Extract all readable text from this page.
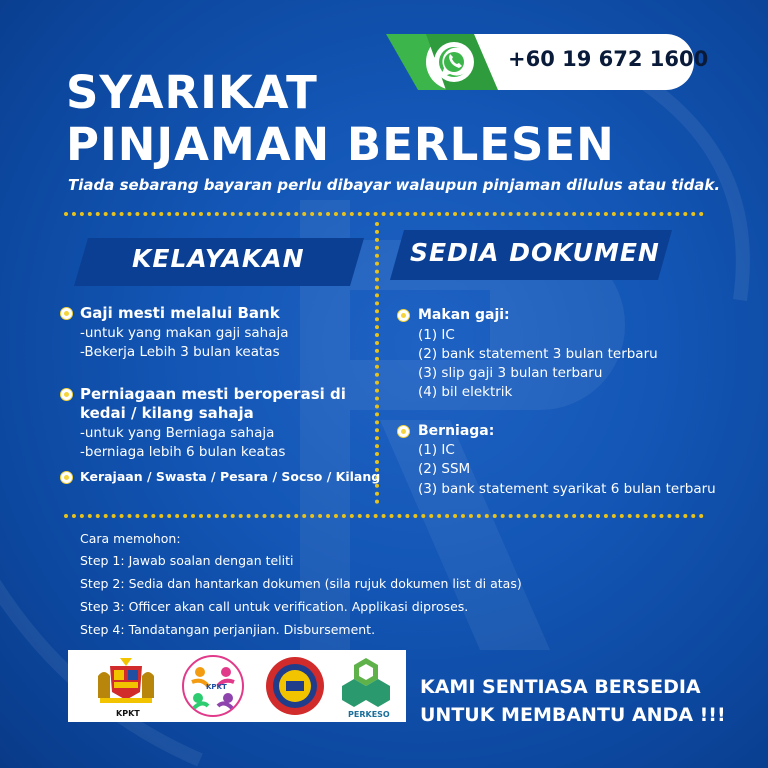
+60 19 672 1600
SYARIKAT
PINJAMAN BERLESEN
Tiada sebarang bayaran perlu dibayar walaupun pinjaman dilulus atau tidak.
KELAYAKAN	SEDIA DOKUMEN
Gaji mesti melalui Bank
-untuk yang makan gaji sahaja
-Bekerja Lebih 3 bulan keatas
Perniagaan mesti beroperasi di
kedai / kilang sahaja
-untuk yang Berniaga sahaja
-berniaga lebih 6 bulan keatas
Kerajaan / Swasta / Pesara / Socso / Kilang
Makan gaji:
(1) IC
(2) bank statement 3 bulan terbaru
(3) slip gaji 3 bulan terbaru
(4) bil elektrik
Berniaga:
(1) IC
(2) SSM
(3) bank statement syarikat 6 bulan terbaru
Cara memohon:
Step 1: Jawab soalan dengan teliti
Step 2: Sedia dan hantarkan dokumen (sila rujuk dokumen list di atas)
Step 3: Officer akan call untuk verification. Applikasi diproses.
Step 4: Tandatangan perjanjian. Disbursement.
KPKT
KPKT
PERKESO
KAMI SENTIASA BERSEDIA
UNTUK MEMBANTU ANDA !!!
